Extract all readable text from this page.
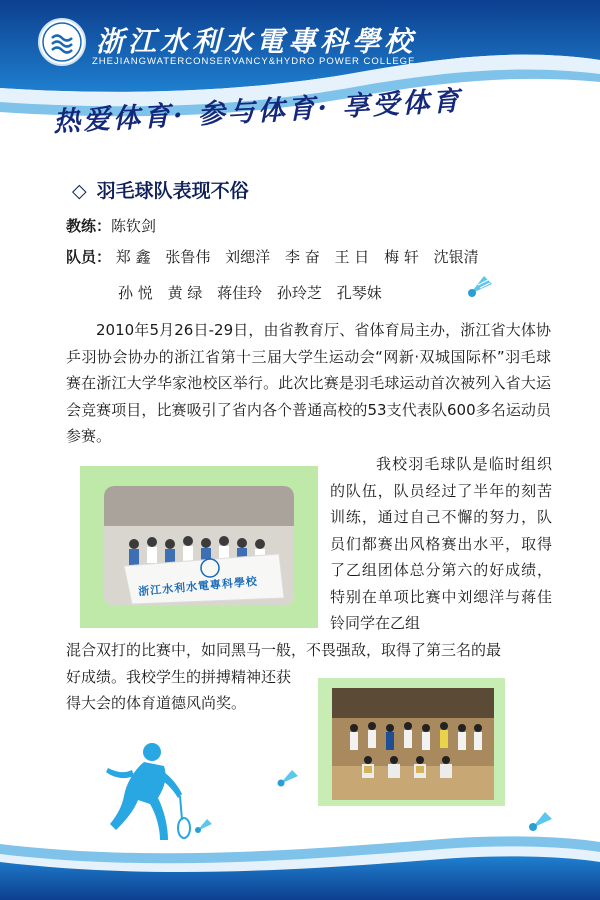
浙江水利水電專科學校
ZHEJIANGWATERCONSERVANCY&HYDRO POWER COLLEGE
热爱体育· 参与体育· 享受体育
◇ 羽毛球队表现不俗
教练：陈钦剑
队员： 郑 鑫 张鲁伟 刘缌洋 李 奋 王 日 梅 轩 沈银清
孙 悦 黄 绿 蒋佳玲 孙玲芝 孔琴妹
2010年5月26日-29日，由省教育厅、省体育局主办，浙江省大体协乒羽协会协办的浙江省第十三届大学生运动会“网新·双城国际杯”羽毛球赛在浙江大学华家池校区举行。此次比赛是羽毛球运动首次被列入省大运会竞赛项目，比赛吸引了省内各个普通高校的53支代表队600多名运动员参赛。
浙江水利水電專科學校
我校羽毛球队是临时组织的队伍，队员经过了半年的刻苦训练，通过自己不懈的努力，队员们都赛出风格赛出水平，取得了乙组团体总分第六的好成绩，特别在单项比赛中刘缌洋与蒋佳铃同学在乙组
混合双打的比赛中，如同黑马一般，不畏强敌，取得了第三名的最
好成绩。我校学生的拼搏精神还获
得大会的体育道德风尚奖。
